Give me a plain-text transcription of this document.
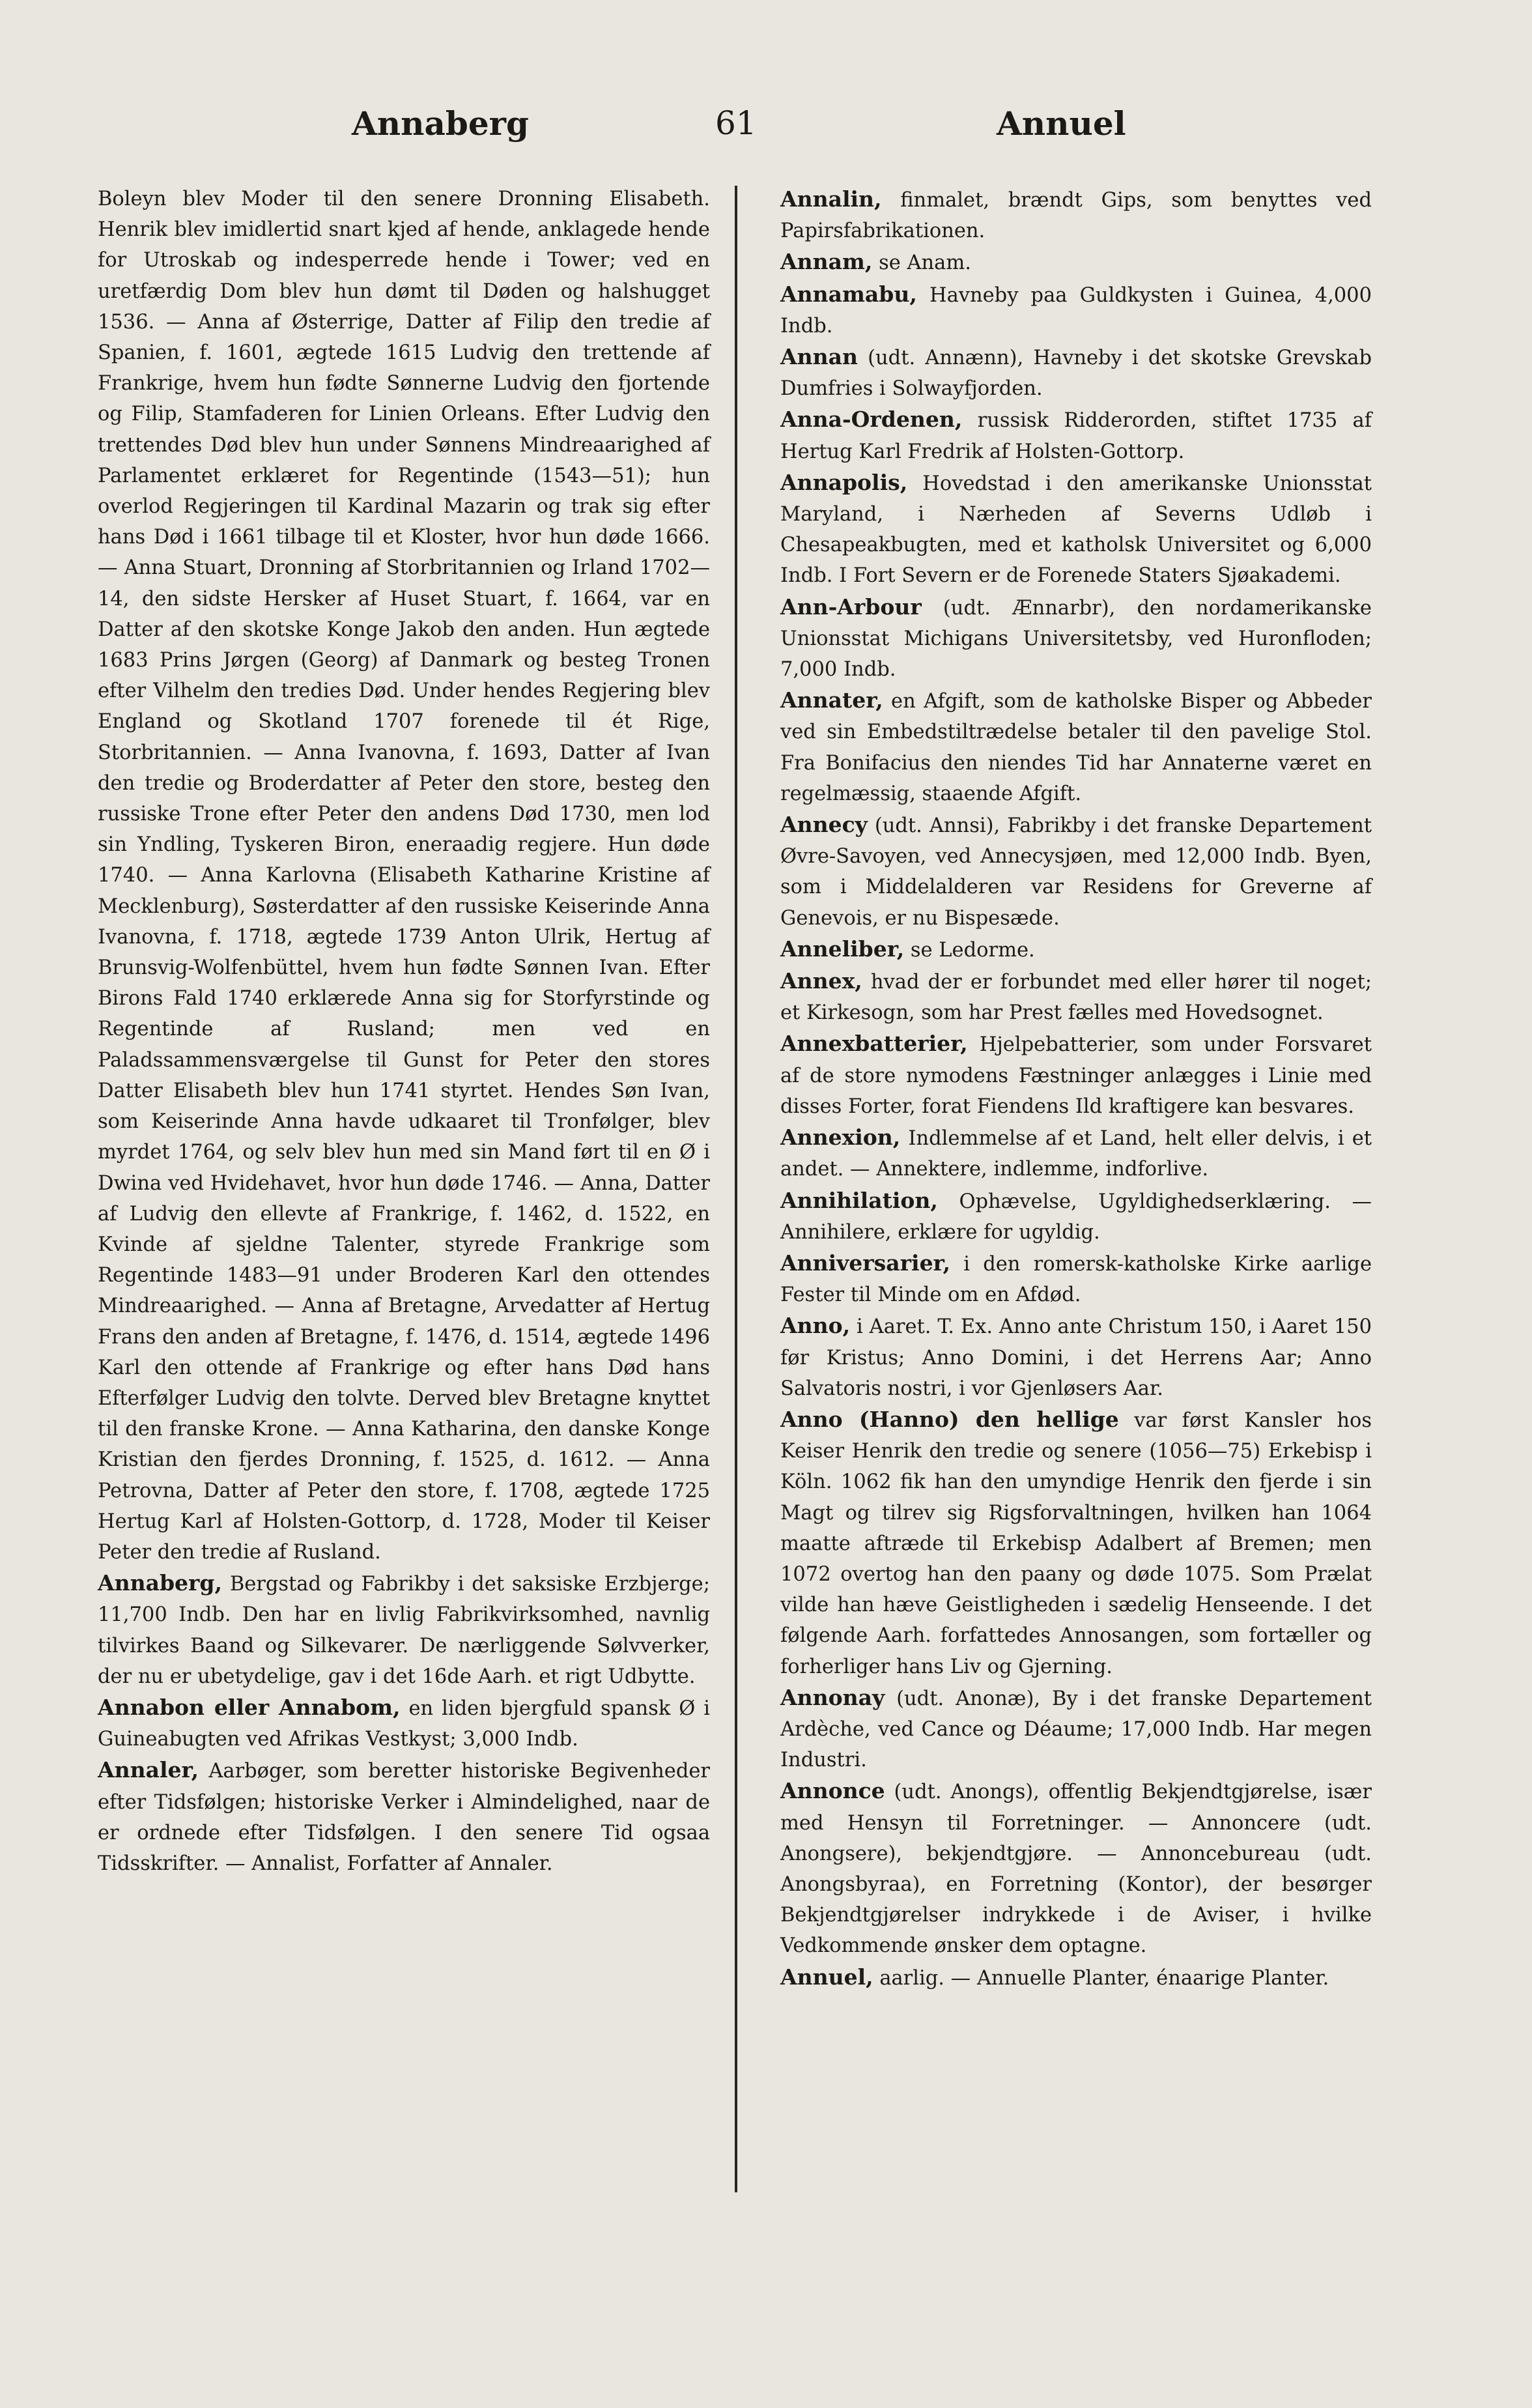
Annaberg	61	Annuel

Boleyn blev Moder til den senere Dronning Elisabeth. Henrik blev imidlertid snart kjed af hende, anklagede hende for Utroskab og indesperrede hende i Tower; ved en uretfærdig Dom blev hun dømt til Døden og halshugget 1536. — Anna af Østerrige, Datter af Filip den tredie af Spanien, f. 1601, ægtede 1615 Ludvig den trettende af Frankrige, hvem hun fødte Sønnerne Ludvig den fjortende og Filip, Stamfaderen for Linien Orleans. Efter Ludvig den trettendes Død blev hun under Sønnens Mindreaarighed af Parlamentet erklæret for Regentinde (1543—51); hun overlod Regjeringen til Kardinal Mazarin og trak sig efter hans Død i 1661 tilbage til et Kloster, hvor hun døde 1666. — Anna Stuart, Dronning af Storbritannien og Irland 1702—14, den sidste Hersker af Huset Stuart, f. 1664, var en Datter af den skotske Konge Jakob den anden. Hun ægtede 1683 Prins Jørgen (Georg) af Danmark og besteg Tronen efter Vilhelm den tredies Død. Under hendes Regjering blev England og Skotland 1707 forenede til ét Rige, Storbritannien. — Anna Ivanovna, f. 1693, Datter af Ivan den tredie og Broderdatter af Peter den store, besteg den russiske Trone efter Peter den andens Død 1730, men lod sin Yndling, Tyskeren Biron, eneraadig regjere. Hun døde 1740. — Anna Karlovna (Elisabeth Katharine Kristine af Mecklenburg), Søsterdatter af den russiske Keiserinde Anna Ivanovna, f. 1718, ægtede 1739 Anton Ulrik, Hertug af Brunsvig-Wolfenbüttel, hvem hun fødte Sønnen Ivan. Efter Birons Fald 1740 erklærede Anna sig for Storfyrstinde og Regentinde af Rusland; men ved en Paladssammensværgelse til Gunst for Peter den stores Datter Elisabeth blev hun 1741 styrtet. Hendes Søn Ivan, som Keiserinde Anna havde udkaaret til Tronfølger, blev myrdet 1764, og selv blev hun med sin Mand ført til en Ø i Dwina ved Hvidehavet, hvor hun døde 1746. — Anna, Datter af Ludvig den ellevte af Frankrige, f. 1462, d. 1522, en Kvinde af sjeldne Talenter, styrede Frankrige som Regentinde 1483—91 under Broderen Karl den ottendes Mindreaarighed. — Anna af Bretagne, Arvedatter af Hertug Frans den anden af Bretagne, f. 1476, d. 1514, ægtede 1496 Karl den ottende af Frankrige og efter hans Død hans Efterfølger Ludvig den tolvte. Derved blev Bretagne knyttet til den franske Krone. — Anna Katharina, den danske Konge Kristian den fjerdes Dronning, f. 1525, d. 1612. — Anna Petrovna, Datter af Peter den store, f. 1708, ægtede 1725 Hertug Karl af Holsten-Gottorp, d. 1728, Moder til Keiser Peter den tredie af Rusland.

Annaberg, Bergstad og Fabrikby i det saksiske Erzbjerge; 11,700 Indb. Den har en livlig Fabrikvirksomhed, navnlig tilvirkes Baand og Silkevarer. De nærliggende Sølvverker, der nu er ubetydelige, gav i det 16de Aarh. et rigt Udbytte.

Annabon eller Annabom, en liden bjergfuld spansk Ø i Guineabugten ved Afrikas Vestkyst; 3,000 Indb.

Annaler, Aarbøger, som beretter historiske Begivenheder efter Tidsfølgen; historiske Verker i Almindelighed, naar de er ordnede efter Tidsfølgen. I den senere Tid ogsaa Tidsskrifter. — Annalist, Forfatter af Annaler.

Annalin, finmalet, brændt Gips, som benyttes ved Papirsfabrikationen.

Annam, se Anam.

Annamabu, Havneby paa Guldkysten i Guinea, 4,000 Indb.

Annan (udt. Annænn), Havneby i det skotske Grevskab Dumfries i Solwayfjorden.

Anna-Ordenen, russisk Ridderorden, stiftet 1735 af Hertug Karl Fredrik af Holsten-Gottorp.

Annapolis, Hovedstad i den amerikanske Unionsstat Maryland, i Nærheden af Severns Udløb i Chesapeakbugten, med et katholsk Universitet og 6,000 Indb. I Fort Severn er de Forenede Staters Sjøakademi.

Ann-Arbour (udt. Ænnarbr), den nordamerikanske Unionsstat Michigans Universitetsby, ved Huronfloden; 7,000 Indb.

Annater, en Afgift, som de katholske Bisper og Abbeder ved sin Embedstiltrædelse betaler til den pavelige Stol. Fra Bonifacius den niendes Tid har Annaterne været en regelmæssig, staaende Afgift.

Annecy (udt. Annsi), Fabrikby i det franske Departement Øvre-Savoyen, ved Annecysjøen, med 12,000 Indb. Byen, som i Middelalderen var Residens for Greverne af Genevois, er nu Bispesæde.

Anneliber, se Ledorme.

Annex, hvad der er forbundet med eller hører til noget; et Kirkesogn, som har Prest fælles med Hovedsognet.

Annexbatterier, Hjelpebatterier, som under Forsvaret af de store nymodens Fæstninger anlægges i Linie med disses Forter, forat Fiendens Ild kraftigere kan besvares.

Annexion, Indlemmelse af et Land, helt eller delvis, i et andet. — Annektere, indlemme, indforlive.

Annihilation, Ophævelse, Ugyldighedserklæring. — Annihilere, erklære for ugyldig.

Anniversarier, i den romersk-katholske Kirke aarlige Fester til Minde om en Afdød.

Anno, i Aaret. T. Ex. Anno ante Christum 150, i Aaret 150 før Kristus; Anno Domini, i det Herrens Aar; Anno Salvatoris nostri, i vor Gjenløsers Aar.

Anno (Hanno) den hellige var først Kansler hos Keiser Henrik den tredie og senere (1056—75) Erkebisp i Köln. 1062 fik han den umyndige Henrik den fjerde i sin Magt og tilrev sig Rigsforvaltningen, hvilken han 1064 maatte aftræde til Erkebisp Adalbert af Bremen; men 1072 overtog han den paany og døde 1075. Som Prælat vilde han hæve Geistligheden i sædelig Henseende. I det følgende Aarh. forfattedes Annosangen, som fortæller og forherliger hans Liv og Gjerning.

Annonay (udt. Anonæ), By i det franske Departement Ardèche, ved Cance og Déaume; 17,000 Indb. Har megen Industri.

Annonce (udt. Anongs), offentlig Bekjendtgjørelse, især med Hensyn til Forretninger. — Annoncere (udt. Anongsere), bekjendtgjøre. — Annoncebureau (udt. Anongsbyraa), en Forretning (Kontor), der besørger Bekjendtgjørelser indrykkede i de Aviser, i hvilke Vedkommende ønsker dem optagne.

Annuel, aarlig. — Annuelle Planter, énaarige Planter.
